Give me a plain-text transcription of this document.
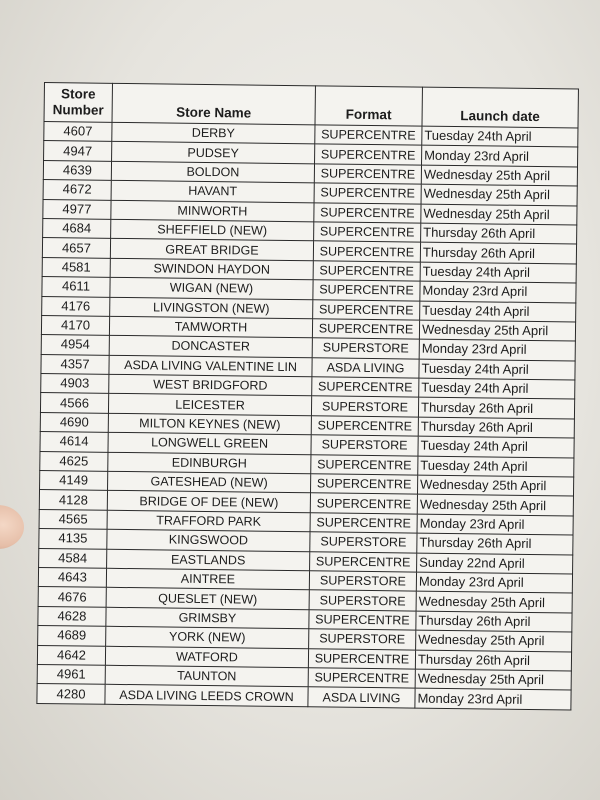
Store
Number	Store Name	Format	Launch date
4607	DERBY	SUPERCENTRE	Tuesday 24th April
4947	PUDSEY	SUPERCENTRE	Monday 23rd April
4639	BOLDON	SUPERCENTRE	Wednesday 25th April
4672	HAVANT	SUPERCENTRE	Wednesday 25th April
4977	MINWORTH	SUPERCENTRE	Wednesday 25th April
4684	SHEFFIELD (NEW)	SUPERCENTRE	Thursday 26th April
4657	GREAT BRIDGE	SUPERCENTRE	Thursday 26th April
4581	SWINDON HAYDON	SUPERCENTRE	Tuesday 24th April
4611	WIGAN (NEW)	SUPERCENTRE	Monday 23rd April
4176	LIVINGSTON (NEW)	SUPERCENTRE	Tuesday 24th April
4170	TAMWORTH	SUPERCENTRE	Wednesday 25th April
4954	DONCASTER	SUPERSTORE	Monday 23rd April
4357	ASDA LIVING VALENTINE LIN	ASDA LIVING	Tuesday 24th April
4903	WEST BRIDGFORD	SUPERCENTRE	Tuesday 24th April
4566	LEICESTER	SUPERSTORE	Thursday 26th April
4690	MILTON KEYNES (NEW)	SUPERCENTRE	Thursday 26th April
4614	LONGWELL GREEN	SUPERSTORE	Tuesday 24th April
4625	EDINBURGH	SUPERCENTRE	Tuesday 24th April
4149	GATESHEAD (NEW)	SUPERCENTRE	Wednesday 25th April
4128	BRIDGE OF DEE (NEW)	SUPERCENTRE	Wednesday 25th April
4565	TRAFFORD PARK	SUPERCENTRE	Monday 23rd April
4135	KINGSWOOD	SUPERSTORE	Thursday 26th April
4584	EASTLANDS	SUPERCENTRE	Sunday 22nd April
4643	AINTREE	SUPERSTORE	Monday 23rd April
4676	QUESLET (NEW)	SUPERSTORE	Wednesday 25th April
4628	GRIMSBY	SUPERCENTRE	Thursday 26th April
4689	YORK (NEW)	SUPERSTORE	Wednesday 25th April
4642	WATFORD	SUPERCENTRE	Thursday 26th April
4961	TAUNTON	SUPERCENTRE	Wednesday 25th April
4280	ASDA LIVING LEEDS CROWN	ASDA LIVING	Monday 23rd April
